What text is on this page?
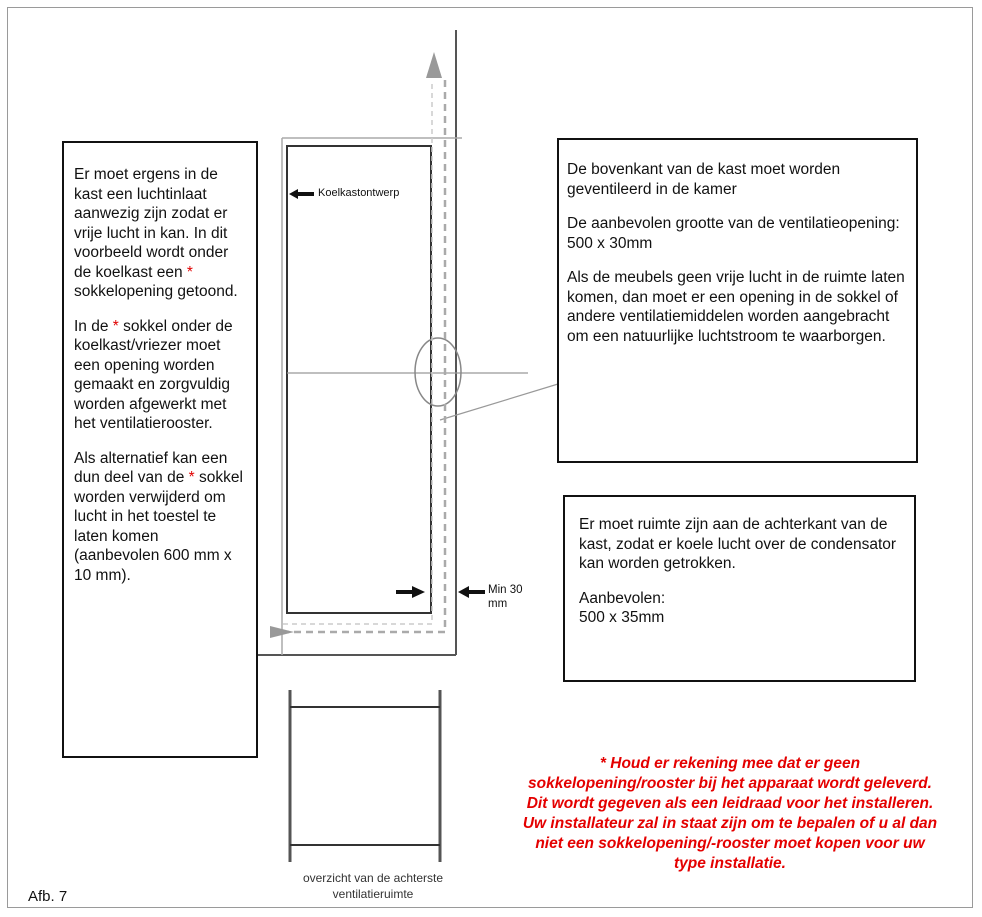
Koelkastontwerp
Min 30
mm

Er moet ergens in de kast een luchtinlaat aanwezig zijn zodat er vrije lucht in kan. In dit voorbeeld wordt onder de koelkast een * sokkelopening getoond.

In de * sokkel onder de koelkast/vriezer moet een opening worden gemaakt en zorgvuldig worden afgewerkt met het ventilatierooster.

Als alternatief kan een dun deel van de * sokkel worden verwijderd om lucht in het toestel te laten komen (aanbevolen 600 mm x 10 mm).

De bovenkant van de kast moet worden geventileerd in de kamer

De aanbevolen grootte van de ventilatieopening: 500 x 30mm

Als de meubels geen vrije lucht in de ruimte laten komen, dan moet er een opening in de sokkel of andere ventilatiemiddelen worden aangebracht om een natuurlijke luchtstroom te waarborgen.

Er moet ruimte zijn aan de achterkant van de kast, zodat er koele lucht over de condensator kan worden getrokken.

Aanbevolen:
500 x 35mm

* Houd er rekening mee dat er geen sokkelopening/rooster bij het apparaat wordt geleverd. Dit wordt gegeven als een leidraad voor het installeren. Uw installateur zal in staat zijn om te bepalen of u al dan niet een sokkelopening/-rooster moet kopen voor uw type installatie.
overzicht van de achterste
ventilatieruimte
Afb. 7
